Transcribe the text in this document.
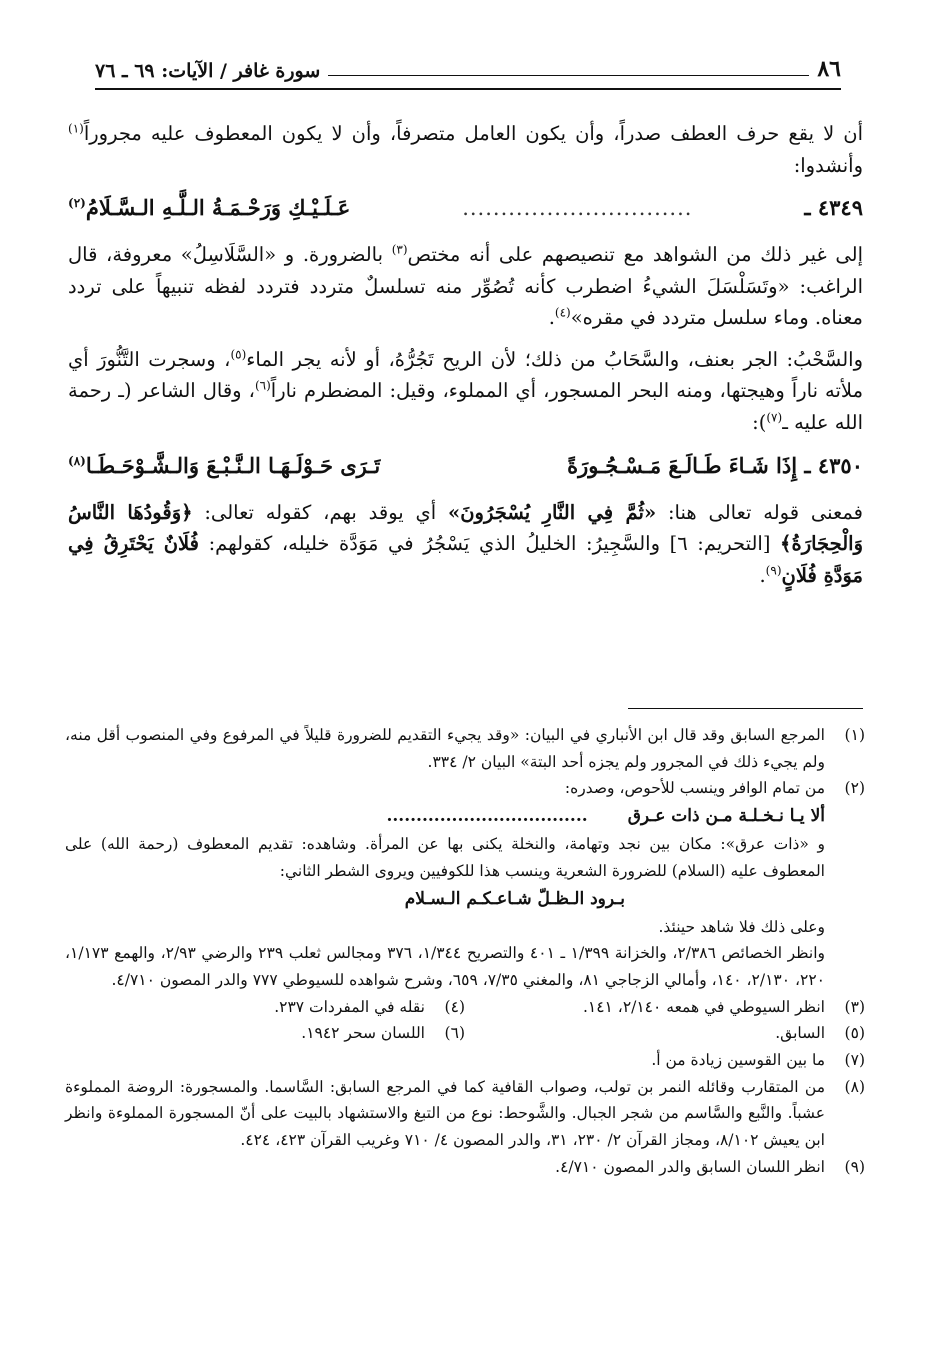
٨٦
سورة غافر / الآيات: ٦٩ ـ ٧٦

أن لا يقع حرف العطف صدراً، وأن يكون العامل متصرفاً، وأن لا يكون المعطوف عليه مجروراً$^{(١)}$ وأنشدوا:

٤٣٤٩ ـ
..............................
عَـلَـيْـكِ وَرَحْـمَـةُ الـلَّـهِ الـسَّـلَامُ$^{(٢)}$

إلى غير ذلك من الشواهد مع تنصيصهم على أنه مختص$^{(٣)}$ بالضرورة. و «السَّلَاسِلُ» معروفة، قال الراغب: «وتَسَلْسَلَ الشيءُ اضطرب كأنه تُصُوِّر منه تسلسلٌ متردد فتردد لفظه تنبيهاً على تردد معناه. وماء سلسل متردد في مقره»$^{(٤)}$.

والسَّحْبُ: الجر بعنف، والسَّحَابُ من ذلك؛ لأن الريح تَجُرُّهُ، أو لأنه يجر الماء$^{(٥)}$، وسجرت التَّنُّورَ أي ملأته ناراً وهيجتها، ومنه البحر المسجور، أي المملوء، وقيل: المضطرم ناراً$^{(٦)}$، وقال الشاعر (ـ رحمة الله عليه ـ$^{(٧)}$):

٤٣٥٠ ـ إِذَا شَـاءَ طَـالَـعَ مَـسْـجُـورَةً
تَـرَى حَـوْلَـهَـا الـنَّـبْـعَ وَالـشَّـوْحَـطَـا$^{(٨)}$

فمعنى قوله تعالى هنا: «ثُمَّ فِي النَّارِ يُسْجَرُونَ» أي يوقد بهم، كقوله تعالى: ﴿وَقُودُهَا النَّاسُ وَالْحِجَارَةُ﴾ [التحريم: ٦] والسَّجِيرُ: الخليلُ الذي يَسْجُرُ في مَوَدَّة خليله، كقولهم: فُلَانٌ يَحْتَرِقُ فِي مَوَدَّةِ فُلَانٍ$^{(٩)}$.

(١)
المرجع السابق وقد قال ابن الأنباري في البيان: «وقد يجيء التقديم للضرورة قليلاً في المرفوع وفي المنصوب أقل منه، ولم يجيء ذلك في المجرور ولم يجزه أحد البتة» البيان ٢/ ٣٣٤.
(٢)
من تمام الوافر وينسب للأحوص، وصدره:
ألا يـا نـخـلـة مـن ذات عـرق
..................................
و «ذات عرق»: مكان بين نجد وتهامة، والنخلة يكنى بها عن المرأة. وشاهده: تقديم المعطوف (رحمة الله) على المعطوف عليه (السلام) للضرورة الشعرية وينسب هذا للكوفيين ويروى الشطر الثاني:
بـرود الـظـلّ شـاعـكـم الـسـلام
وعلى ذلك فلا شاهد حينئذ.
وانظر الخصائص ٢/٣٨٦، والخزانة ١/٣٩٩ ـ ٤٠١ والتصريح ١/٣٤٤، ٣٧٦ ومجالس ثعلب ٢٣٩ والرضي ٢/٩٣، والهمع ١/١٧٣، ٢٢٠، ٢/١٣٠، ١٤٠، وأمالي الزجاجي ٨١، والمغني ٧/٣٥، ٦٥٩، وشرح شواهده للسيوطي ٧٧٧ والدر المصون ٤/٧١٠.
(٣)
انظر السيوطي في همعه ٢/١٤٠، ١٤١.
(٤)
نقله في المفردات ٢٣٧.
(٥)
السابق.
(٦)
اللسان سحر ١٩٤٢.
(٧)
ما بين القوسين زيادة من أ.
(٨)
من المتقارب وقائله النمر بن تولب، وصواب القافية كما في المرجع السابق: السَّاسما. والمسجورة: الروضة المملوءة عشباً. والنَّبع والسَّاسم من شجر الجبال. والشَّوحط: نوع من التبغ والاستشهاد بالبيت على أنّ المسجورة المملوءة وانظر ابن يعيش ٨/١٠٢، ومجاز القرآن ٢/ ٢٣٠، ٣١، والدر المصون ٤/ ٧١٠ وغريب القرآن ٤٢٣، ٤٢٤.
(٩)
انظر اللسان السابق والدر المصون ٤/٧١٠.
